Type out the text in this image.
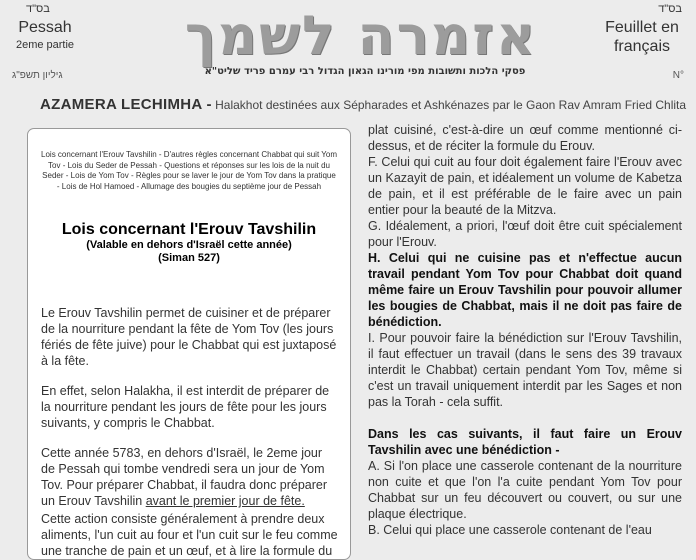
בס"ד	בס"ד
Pessah
2eme partie
גיליון תשפ"ג
אזמרה לשמך
פסקי הלכות ותשובות מפי מורינו הגאון הגדול רבי עמרם פריד שליט"א
Feuillet en
français
N°
AZAMERA LECHIMHA - Halakhot destinées aux Sépharades et Ashkénazes par le Gaon Rav Amram Fried Chlita
Lois concernant l'Erouv Tavshilin - D'autres règles concernant Chabbat qui suit Yom Tov - Lois du Seder de Pessah - Questions et réponses sur les lois de la nuit du Seder - Lois de Yom Tov - Règles pour se laver le jour de Yom Tov dans la pratique - Lois de Hol Hamoed - Allumage des bougies du septième jour de Pessah
Lois concernant l'Erouv Tavshilin
(Valable en dehors d'Israël cette année)
(Siman 527)

Le Erouv Tavshilin permet de cuisiner et de préparer de la nourriture pendant la fête de Yom Tov (les jours fériés de fête juive) pour le Chabbat qui est juxtaposé à la fête.

En effet, selon Halakha, il est interdit de préparer de la nourriture pendant les jours de fête pour les jours suivants, y compris le Chabbat.

Cette année 5783, en dehors d'Israël, le 2eme jour de Pessah qui tombe vendredi sera un jour de Yom Tov. Pour préparer Chabbat, il faudra donc préparer un Erouv Tavshilin avant le premier jour de fête.

Cette action consiste généralement à prendre deux aliments, l'un cuit au four et l'un cuit sur le feu comme une tranche de pain et un œuf, et à lire la formule du

plat cuisiné, c'est-à-dire un œuf comme mentionné ci-dessus, et de réciter la formule du Erouv.

F. Celui qui cuit au four doit également faire l'Erouv avec un Kazayit de pain, et idéalement un volume de Kabetza de pain, et il est préférable de le faire avec un pain entier pour la beauté de la Mitzva.

G. Idéalement, a priori, l'œuf doit être cuit spécialement pour l'Erouv.

H. Celui qui ne cuisine pas et n'effectue aucun travail pendant Yom Tov pour Chabbat doit quand même faire un Erouv Tavshilin pour pouvoir allumer les bougies de Chabbat, mais il ne doit pas faire de bénédiction.

I. Pour pouvoir faire la bénédiction sur l'Erouv Tavshilin, il faut effectuer un travail (dans le sens des 39 travaux interdit le Chabbat) certain pendant Yom Tov, même si c'est un travail uniquement interdit par les Sages et non pas la Torah - cela suffit.

Dans les cas suivants, il faut faire un Erouv Tavshilin avec une bénédiction -

A. Si l'on place une casserole contenant de la nourriture non cuite et que l'on l'a cuite pendant Yom Tov pour Chabbat sur un feu découvert ou couvert, ou sur une plaque électrique.

B. Celui qui place une casserole contenant de l'eau
